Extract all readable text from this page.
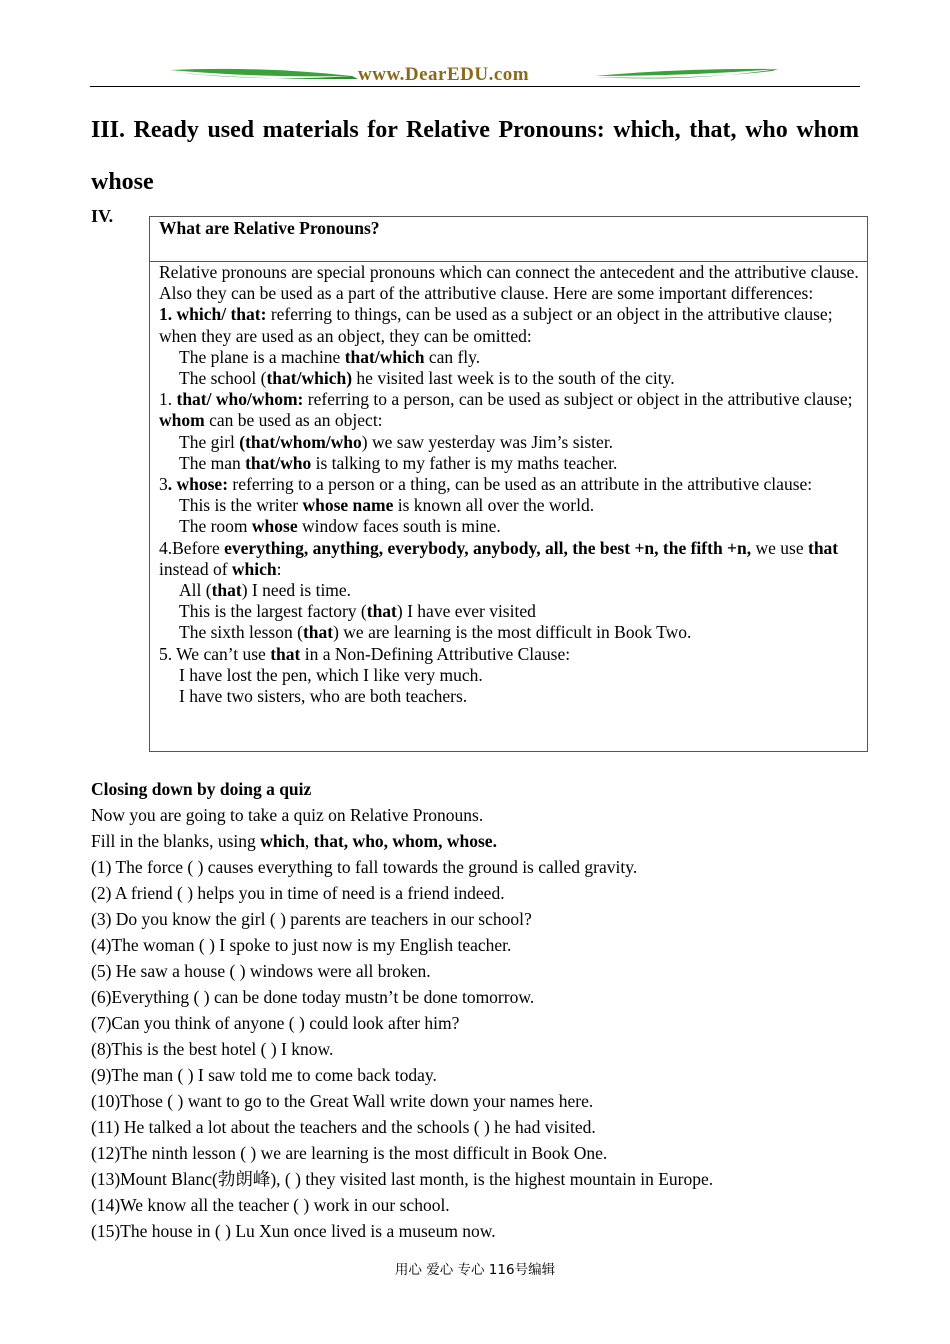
www.DearEDU.com
III. Ready used materials for Relative Pronouns: which, that, who whom whose
IV.
What are Relative Pronouns?

Relative pronouns are special pronouns which can connect the antecedent and the attributive clause. Also they can be used as a part of the attributive clause. Here are some important differences:

1. which/ that: referring to things, can be used as a subject or an object in the attributive clause; when they are used as an object, they can be omitted:

The plane is a machine that/which can fly.

The school (that/which) he visited last week is to the south of the city.

1. that/ who/whom: referring to a person, can be used as subject or object in the attributive clause; whom can be used as an object:

The girl (that/whom/who) we saw yesterday was Jim’s sister.

The man that/who is talking to my father is my maths teacher.

3. whose: referring to a person or a thing, can be used as an attribute in the attributive clause:

This is the writer whose name is known all over the world.

The room whose window faces south is mine.

4.Before everything, anything, everybody, anybody, all, the best +n, the fifth +n, we use that instead of which:

All (that) I need is time.

This is the largest factory (that) I have ever visited

The sixth lesson (that) we are learning is the most difficult in Book Two.

5. We can’t use that in a Non-Defining Attributive Clause:

I have lost the pen, which I like very much.

I have two sisters, who are both teachers.

Closing down by doing a quiz

Now you are going to take a quiz on Relative Pronouns.

Fill in the blanks, using which, that, who, whom, whose.

(1) The force ( ) causes everything to fall towards the ground is called gravity.

(2) A friend ( ) helps you in time of need is a friend indeed.

(3) Do you know the girl ( ) parents are teachers in our school?

(4)The woman ( ) I spoke to just now is my English teacher.

(5) He saw a house ( ) windows were all broken.

(6)Everything ( ) can be done today mustn’t be done tomorrow.

(7)Can you think of anyone ( ) could look after him?

(8)This is the best hotel ( ) I know.

(9)The man ( ) I saw told me to come back today.

(10)Those ( ) want to go to the Great Wall write down your names here.

(11) He talked a lot about the teachers and the schools ( ) he had visited.

(12)The ninth lesson ( ) we are learning is the most difficult in Book One.

(13)Mount Blanc(勃朗峰), ( ) they visited last month, is the highest mountain in Europe.

(14)We know all the teacher ( ) work in our school.

(15)The house in ( ) Lu Xun once lived is a museum now.

用心 爱心 专心 116号编辑
